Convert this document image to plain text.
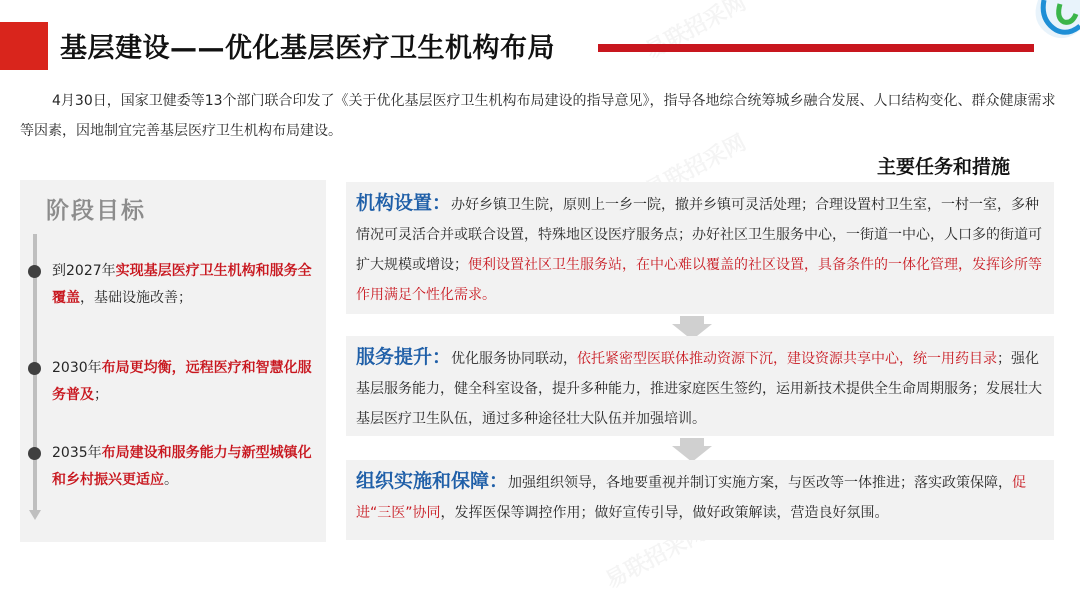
基层建设——优化基层医疗卫生机构布局

4月30日，国家卫健委等13个部门联合印发了《关于优化基层医疗卫生机构布局建设的指导意见》，指导各地综合统筹城乡融合发展、人口结构变化、群众健康需求等因素，因地制宜完善基层医疗卫生机构布局建设。

主要任务和措施
阶段目标
到2027年实现基层医疗卫生机构和服务全覆盖，基础设施改善；
2030年布局更均衡，远程医疗和智慧化服务普及；
2035年布局建设和服务能力与新型城镇化和乡村振兴更适应。
机构设置：办好乡镇卫生院，原则上一乡一院，撤并乡镇可灵活处理；合理设置村卫生室，一村一室，多种情况可灵活合并或联合设置，特殊地区设医疗服务点；办好社区卫生服务中心，一街道一中心，人口多的街道可扩大规模或增设；便利设置社区卫生服务站，在中心难以覆盖的社区设置，具备条件的一体化管理，发挥诊所等作用满足个性化需求。
服务提升：优化服务协同联动，依托紧密型医联体推动资源下沉，建设资源共享中心，统一用药目录；强化基层服务能力，健全科室设备，提升多种能力，推进家庭医生签约，运用新技术提供全生命周期服务；发展壮大基层医疗卫生队伍，通过多种途径壮大队伍并加强培训。
组织实施和保障：加强组织领导，各地要重视并制订实施方案，与医改等一体推进；落实政策保障，促进“三医”协同，发挥医保等调控作用；做好宣传引导，做好政策解读，营造良好氛围。
